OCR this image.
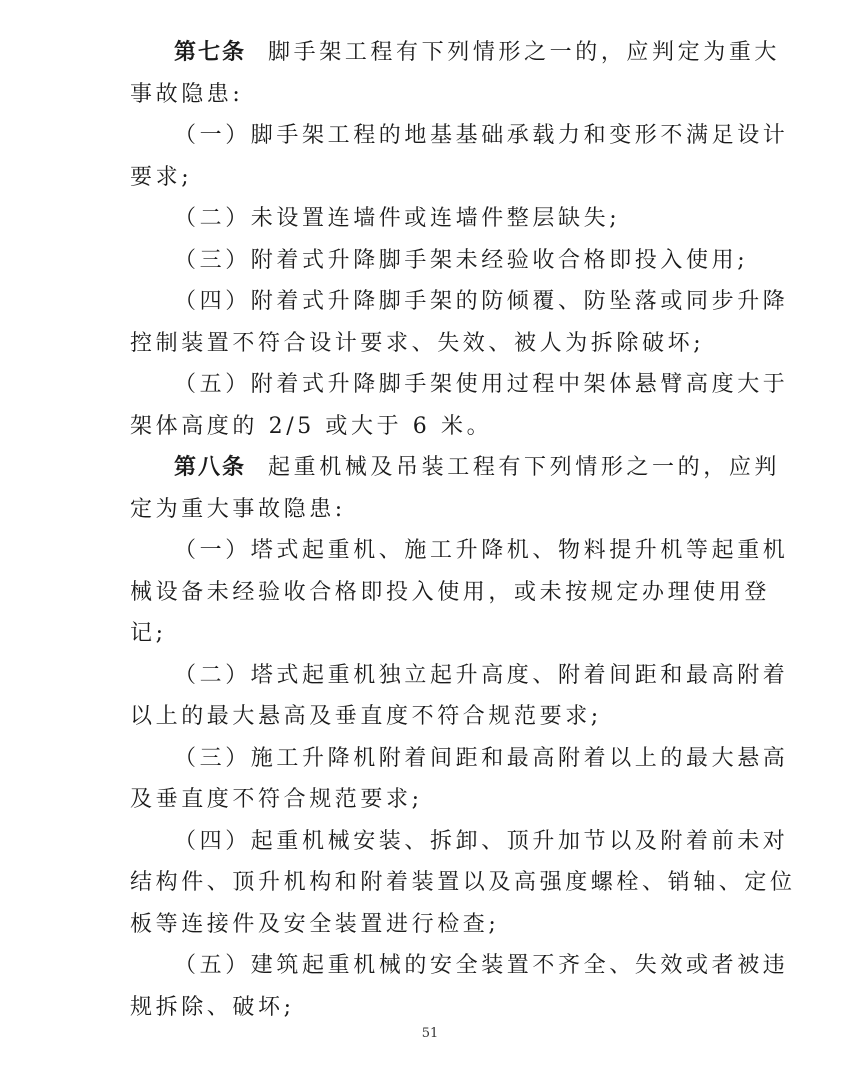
第七条 脚手架工程有下列情形之一的，应判定为重大
事故隐患:
（一）脚手架工程的地基基础承载力和变形不满足设计
要求;
（二）未设置连墙件或连墙件整层缺失;
（三）附着式升降脚手架未经验收合格即投入使用;
（四）附着式升降脚手架的防倾覆、防坠落或同步升降
控制装置不符合设计要求、失效、被人为拆除破坏;
（五）附着式升降脚手架使用过程中架体悬臂高度大于
架体高度的 2/5 或大于 6 米。
第八条 起重机械及吊装工程有下列情形之一的，应判
定为重大事故隐患:
（一）塔式起重机、施工升降机、物料提升机等起重机
械设备未经验收合格即投入使用，或未按规定办理使用登
记;
（二）塔式起重机独立起升高度、附着间距和最高附着
以上的最大悬高及垂直度不符合规范要求;
（三）施工升降机附着间距和最高附着以上的最大悬高
及垂直度不符合规范要求;
（四）起重机械安装、拆卸、顶升加节以及附着前未对
结构件、顶升机构和附着装置以及高强度螺栓、销轴、定位
板等连接件及安全装置进行检查;
（五）建筑起重机械的安全装置不齐全、失效或者被违
规拆除、破坏;
51
